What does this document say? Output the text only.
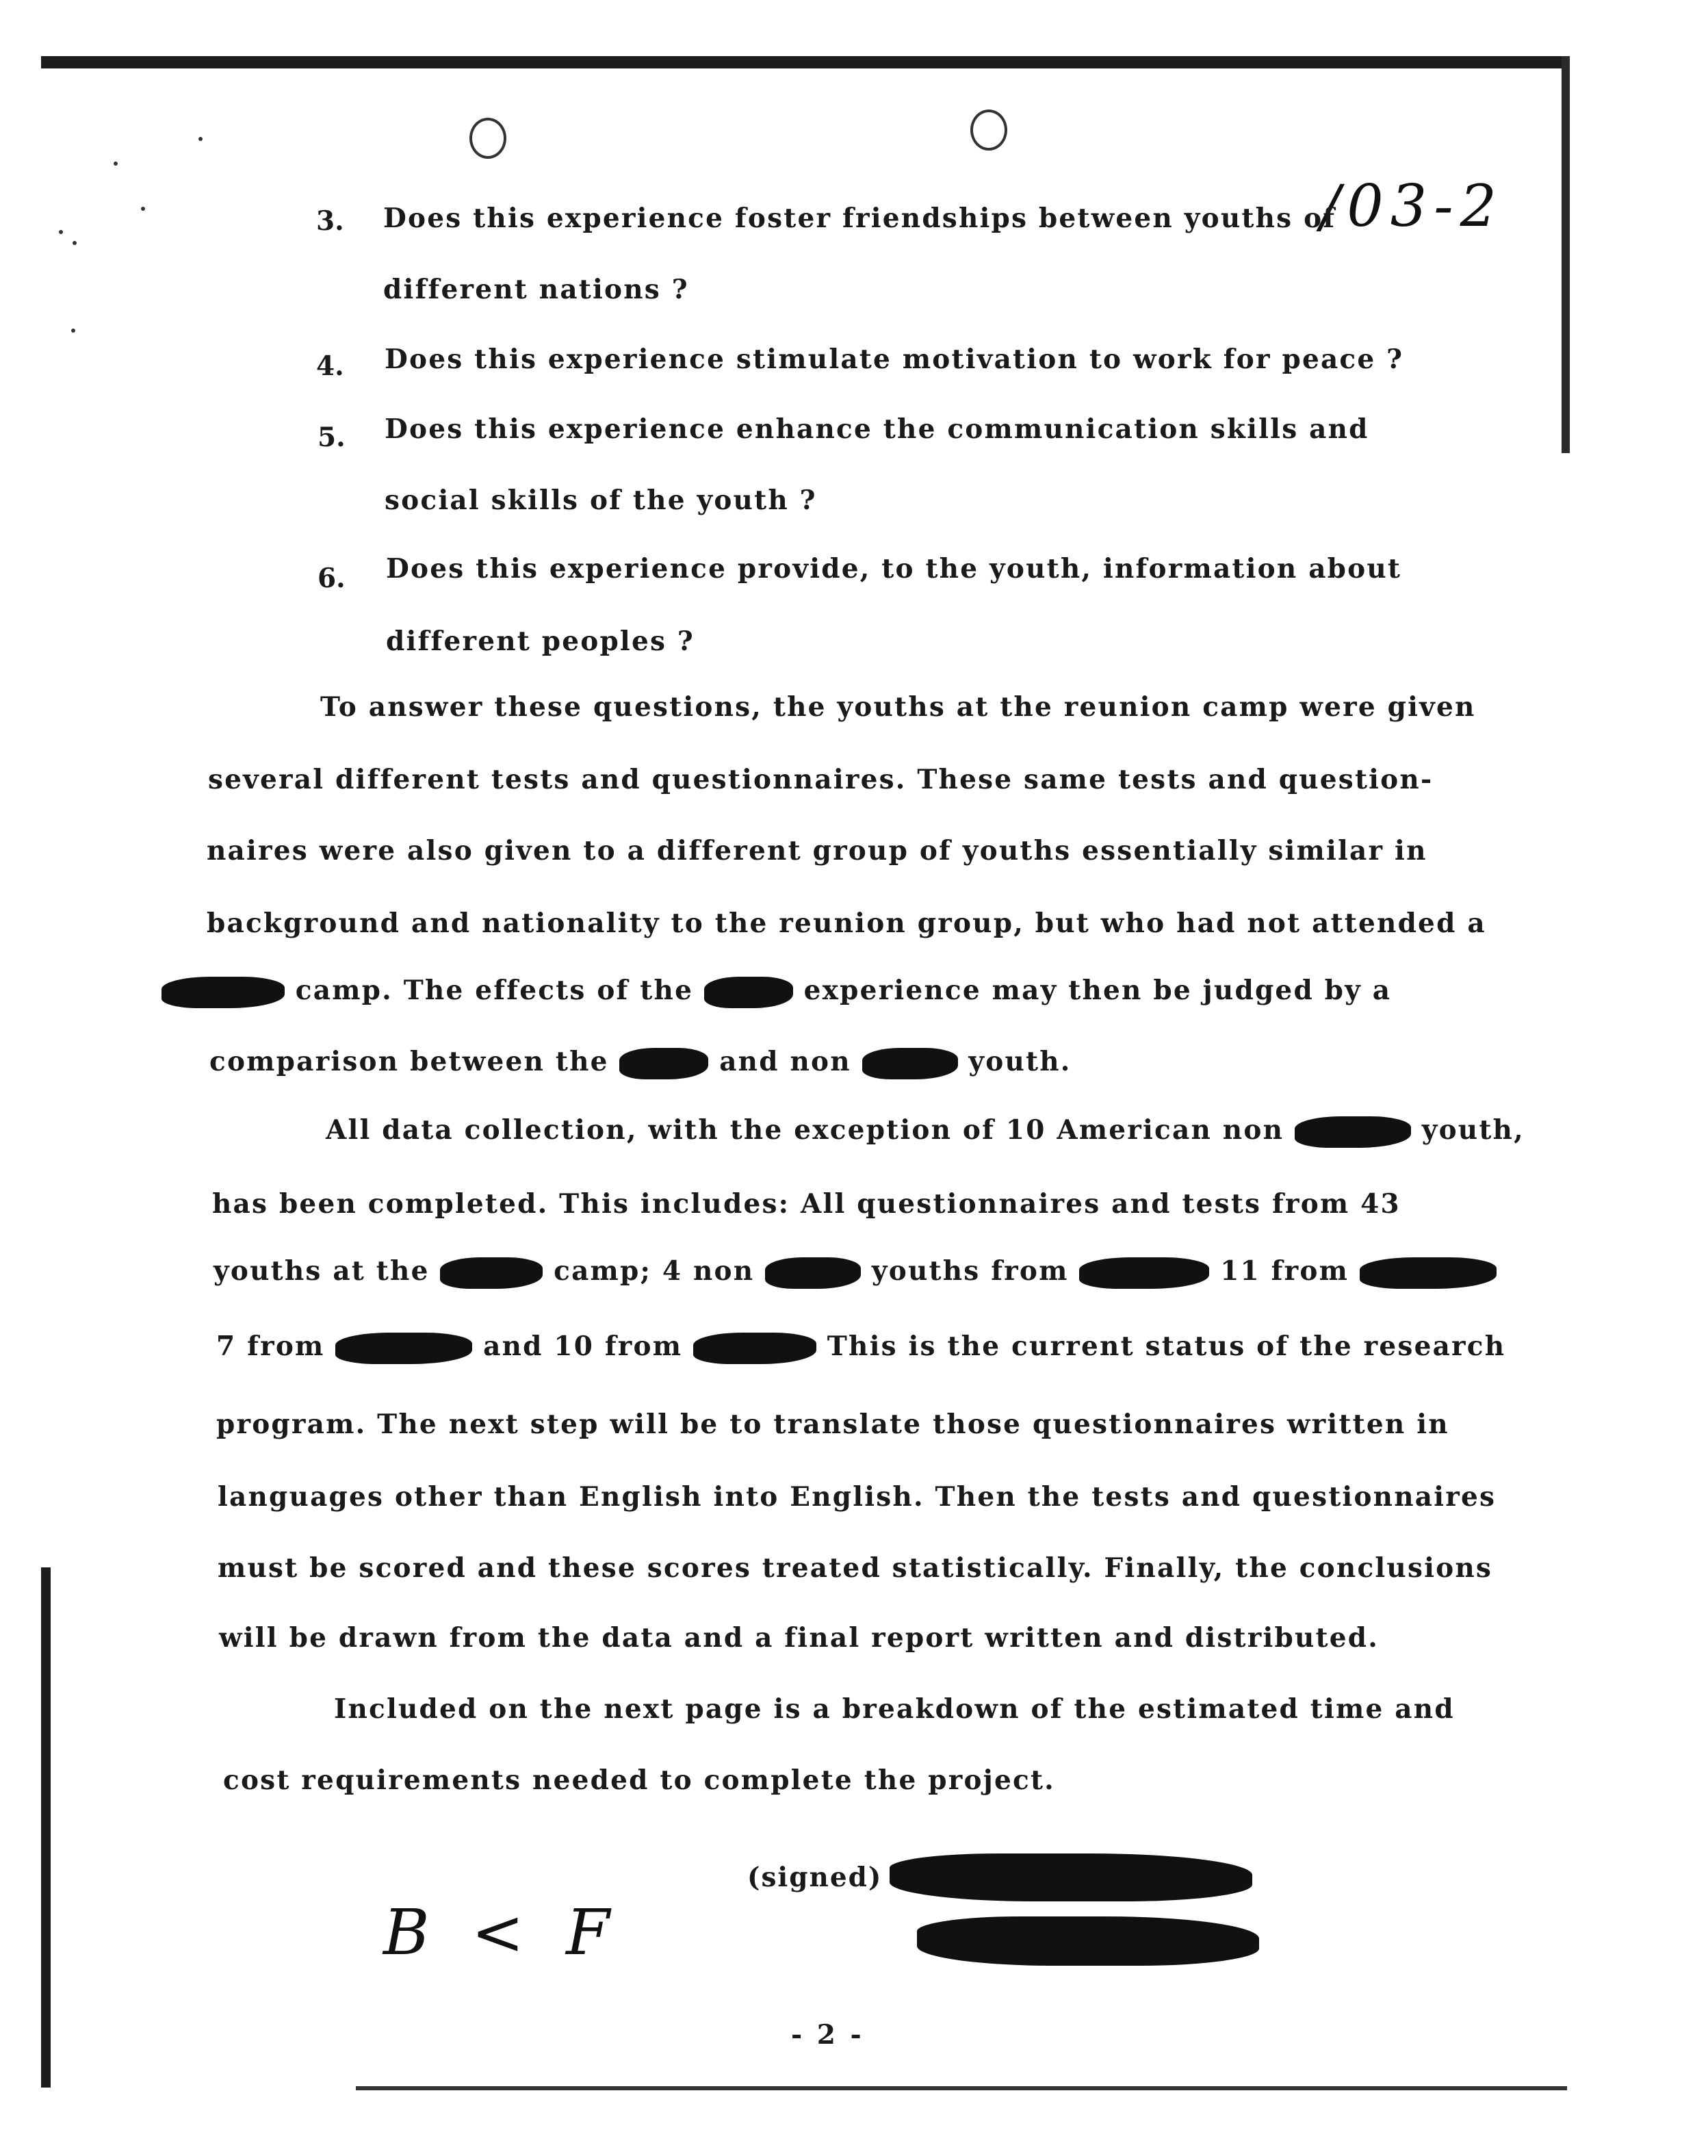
/03-2
3. Does this experience foster friendships between youths of
different nations ?
4. Does this experience stimulate motivation to work for peace ?
5. Does this experience enhance the communication skills and
social skills of the youth ?
6. Does this experience provide, to the youth, information about
different peoples ?
To answer these questions, the youths at the reunion camp were given
several different tests and questionnaires. These same tests and question-
naires were also given to a different group of youths essentially similar in
background and nationality to the reunion group, but who had not attended a
camp. The effects of the	experience may then be judged by a
comparison between the	and non	youth.
All data collection, with the exception of 10 American non	youth,
has been completed. This includes: All questionnaires and tests from 43
youths at the	camp; 4 non	youths from	11 from
7 from	and 10 from	This is the current status of the research
program. The next step will be to translate those questionnaires written in
languages other than English into English. Then the tests and questionnaires
must be scored and these scores treated statistically. Finally, the conclusions
will be drawn from the data and a final report written and distributed.
Included on the next page is a breakdown of the estimated time and
cost requirements needed to complete the project.
(signed)
B < F
- 2 -
